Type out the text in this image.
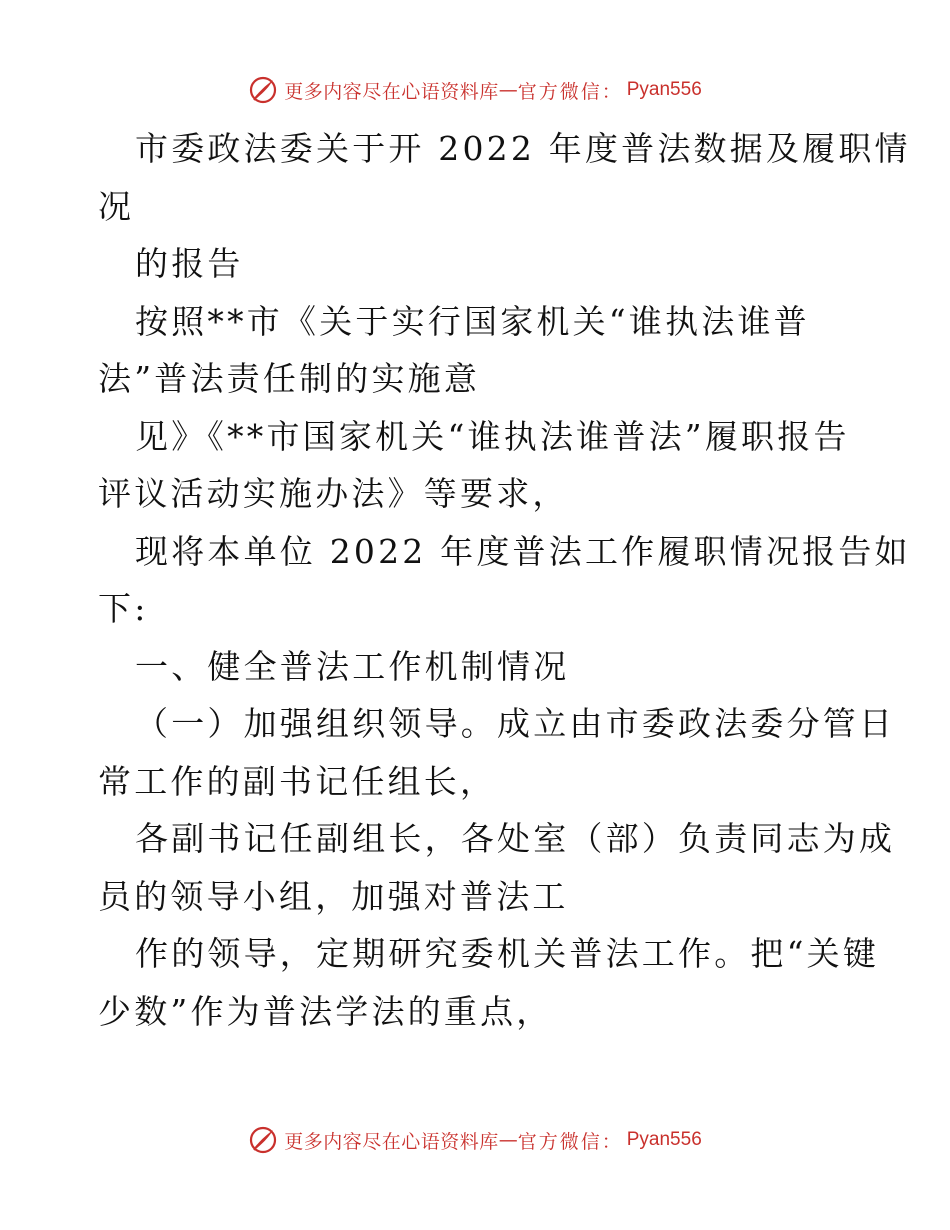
更多内容尽在心语资料库 — 官方微信： Pyan556
市委政法委关于开 2022 年度普法数据及履职情
况
的报告
按照**市《关于实行国家机关“谁执法谁普
法”普法责任制的实施意
见》《**市国家机关“谁执法谁普法”履职报告
评议活动实施办法》等要求，
现将本单位 2022 年度普法工作履职情况报告如
下:
一、健全普法工作机制情况
（一）加强组织领导。成立由市委政法委分管日
常工作的副书记任组长，
各副书记任副组长，各处室（部）负责同志为成
员的领导小组，加强对普法工
作的领导，定期研究委机关普法工作。把“关键
少数”作为普法学法的重点，
更多内容尽在心语资料库 — 官方微信： Pyan556
